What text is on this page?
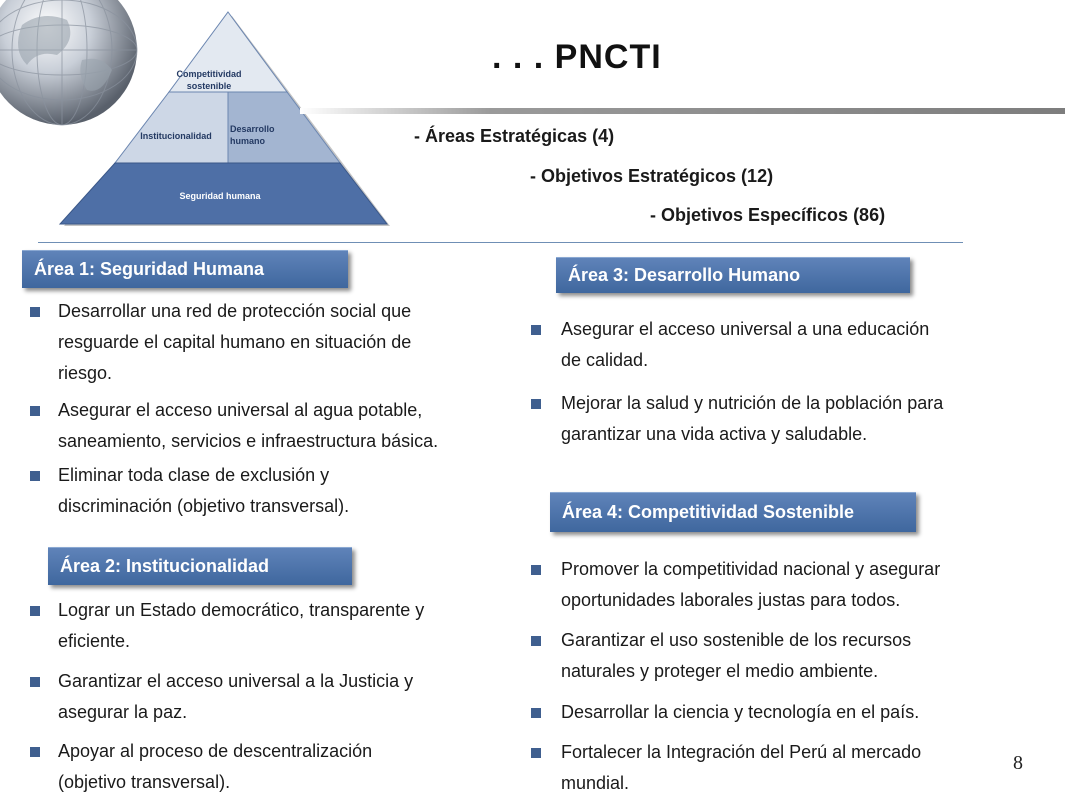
Competitividad
sostenible
Institucionalidad
Desarrollo
humano
Seguridad humana
. . . PNCTI
- Áreas Estratégicas (4)
- Objetivos Estratégicos (12)
- Objetivos Específicos (86)
Área 1: Seguridad Humana
Desarrollar una red de protección social que
resguarde el capital humano en situación de
riesgo.
Asegurar el acceso universal al agua potable,
saneamiento, servicios e infraestructura básica.
Eliminar toda clase de exclusión y
discriminación (objetivo transversal).
Área 2: Institucionalidad
Lograr un Estado democrático, transparente y
eficiente.
Garantizar el acceso universal a la Justicia y
asegurar la paz.
Apoyar al proceso de descentralización
(objetivo transversal).
Área 3: Desarrollo Humano
Asegurar el acceso universal a una educación
de calidad.
Mejorar la salud y nutrición de la población para
garantizar una vida activa y saludable.
Área 4: Competitividad Sostenible
Promover la competitividad nacional y asegurar
oportunidades laborales justas para todos.
Garantizar el uso sostenible de los recursos
naturales y proteger el medio ambiente.
Desarrollar la ciencia y tecnología en el país.
Fortalecer la Integración del Perú al mercado
mundial.
8
